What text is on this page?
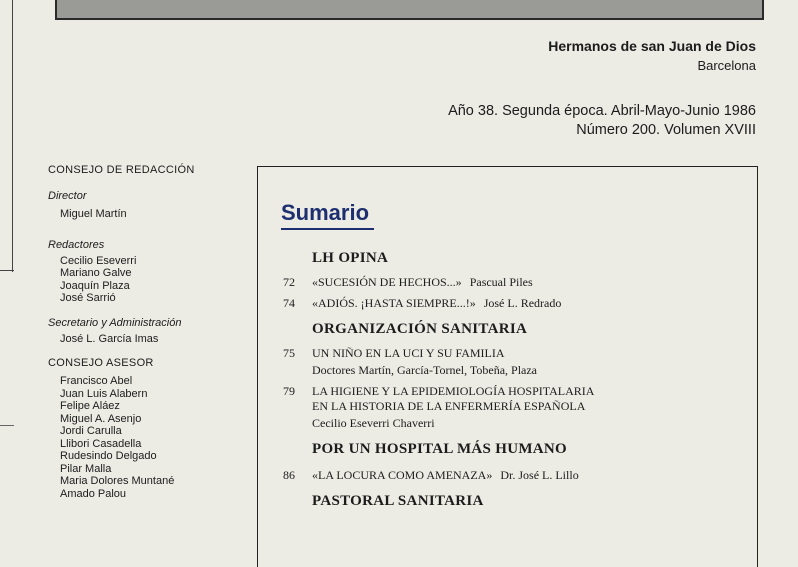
Hermanos de san Juan de Dios
Barcelona
Año 38. Segunda época. Abril-Mayo-Junio 1986
Número 200. Volumen XVIII
CONSEJO DE REDACCIÓN
Director
Miguel Martín
Redactores
Cecilio Eseverri
Mariano Galve
Joaquín Plaza
José Sarrió
Secretario y Administración
José L. García Imas
CONSEJO ASESOR
Francisco Abel
Juan Luis Alabern
Felipe Aláez
Miguel A. Asenjo
Jordi Carulla
Llibori Casadella
Rudesindo Delgado
Pilar Malla
Maria Dolores Muntané
Amado Palou
Sumario
LH OPINA
72	«SUCESIÓN DE HECHOS...» Pascual Piles
74	«ADIÓS. ¡HASTA SIEMPRE...!» José L. Redrado
ORGANIZACIÓN SANITARIA
75	UN NIÑO EN LA UCI Y SU FAMILIA
Doctores Martín, García-Tornel, Tobeña, Plaza
79	LA HIGIENE Y LA EPIDEMIOLOGÍA HOSPITALARIA
EN LA HISTORIA DE LA ENFERMERÍA ESPAÑOLA
Cecilio Eseverri Chaverri
POR UN HOSPITAL MÁS HUMANO
86	«LA LOCURA COMO AMENAZA» Dr. José L. Lillo
PASTORAL SANITARIA
